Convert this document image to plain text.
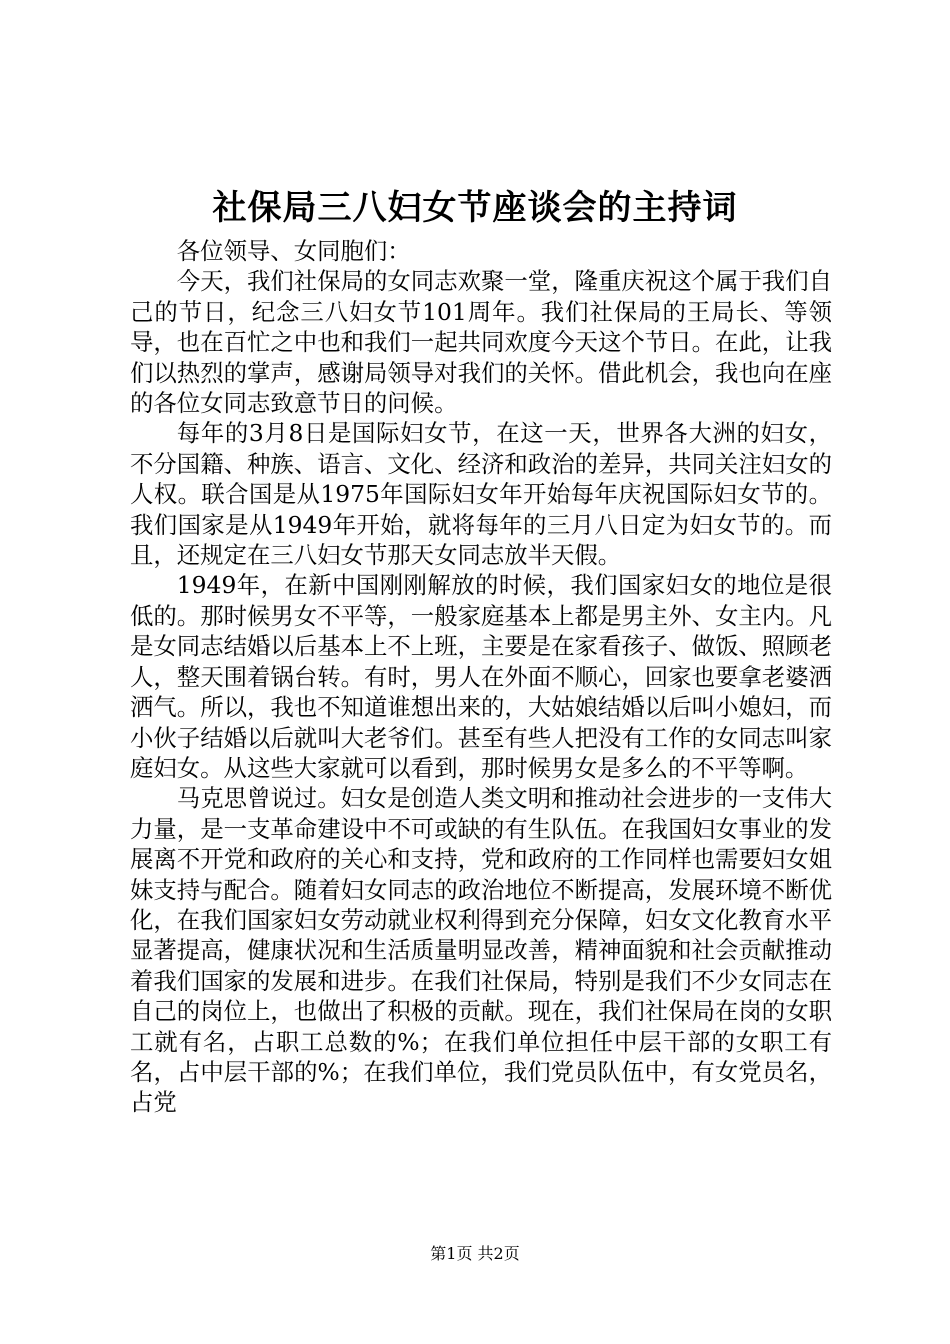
社保局三八妇女节座谈会的主持词

各位领导、女同胞们：

今天，我们社保局的女同志欢聚一堂，隆重庆祝这个属于我们自己的节日，纪念三八妇女节101周年。我们社保局的王局长、等领导，也在百忙之中也和我们一起共同欢度今天这个节日。在此，让我们以热烈的掌声，感谢局领导对我们的关怀。借此机会，我也向在座的各位女同志致意节日的问候。

每年的3月8日是国际妇女节，在这一天，世界各大洲的妇女，不分国籍、种族、语言、文化、经济和政治的差异，共同关注妇女的人权。联合国是从1975年国际妇女年开始每年庆祝国际妇女节的。我们国家是从1949年开始，就将每年的三月八日定为妇女节的。而且，还规定在三八妇女节那天女同志放半天假。

1949年，在新中国刚刚解放的时候，我们国家妇女的地位是很低的。那时候男女不平等，一般家庭基本上都是男主外、女主内。凡是女同志结婚以后基本上不上班，主要是在家看孩子、做饭、照顾老人，整天围着锅台转。有时，男人在外面不顺心，回家也要拿老婆洒洒气。所以，我也不知道谁想出来的，大姑娘结婚以后叫小媳妇，而小伙子结婚以后就叫大老爷们。甚至有些人把没有工作的女同志叫家庭妇女。从这些大家就可以看到，那时候男女是多么的不平等啊。

马克思曾说过。妇女是创造人类文明和推动社会进步的一支伟大力量，是一支革命建设中不可或缺的有生队伍。在我国妇女事业的发展离不开党和政府的关心和支持，党和政府的工作同样也需要妇女姐妹支持与配合。随着妇女同志的政治地位不断提高，发展环境不断优化，在我们国家妇女劳动就业权利得到充分保障，妇女文化教育水平显著提高，健康状况和生活质量明显改善，精神面貌和社会贡献推动着我们国家的发展和进步。在我们社保局，特别是我们不少女同志在自己的岗位上，也做出了积极的贡献。现在，我们社保局在岗的女职工就有名，占职工总数的%；在我们单位担任中层干部的女职工有名，占中层干部的%；在我们单位，我们党员队伍中，有女党员名，占党

第1页 共2页
